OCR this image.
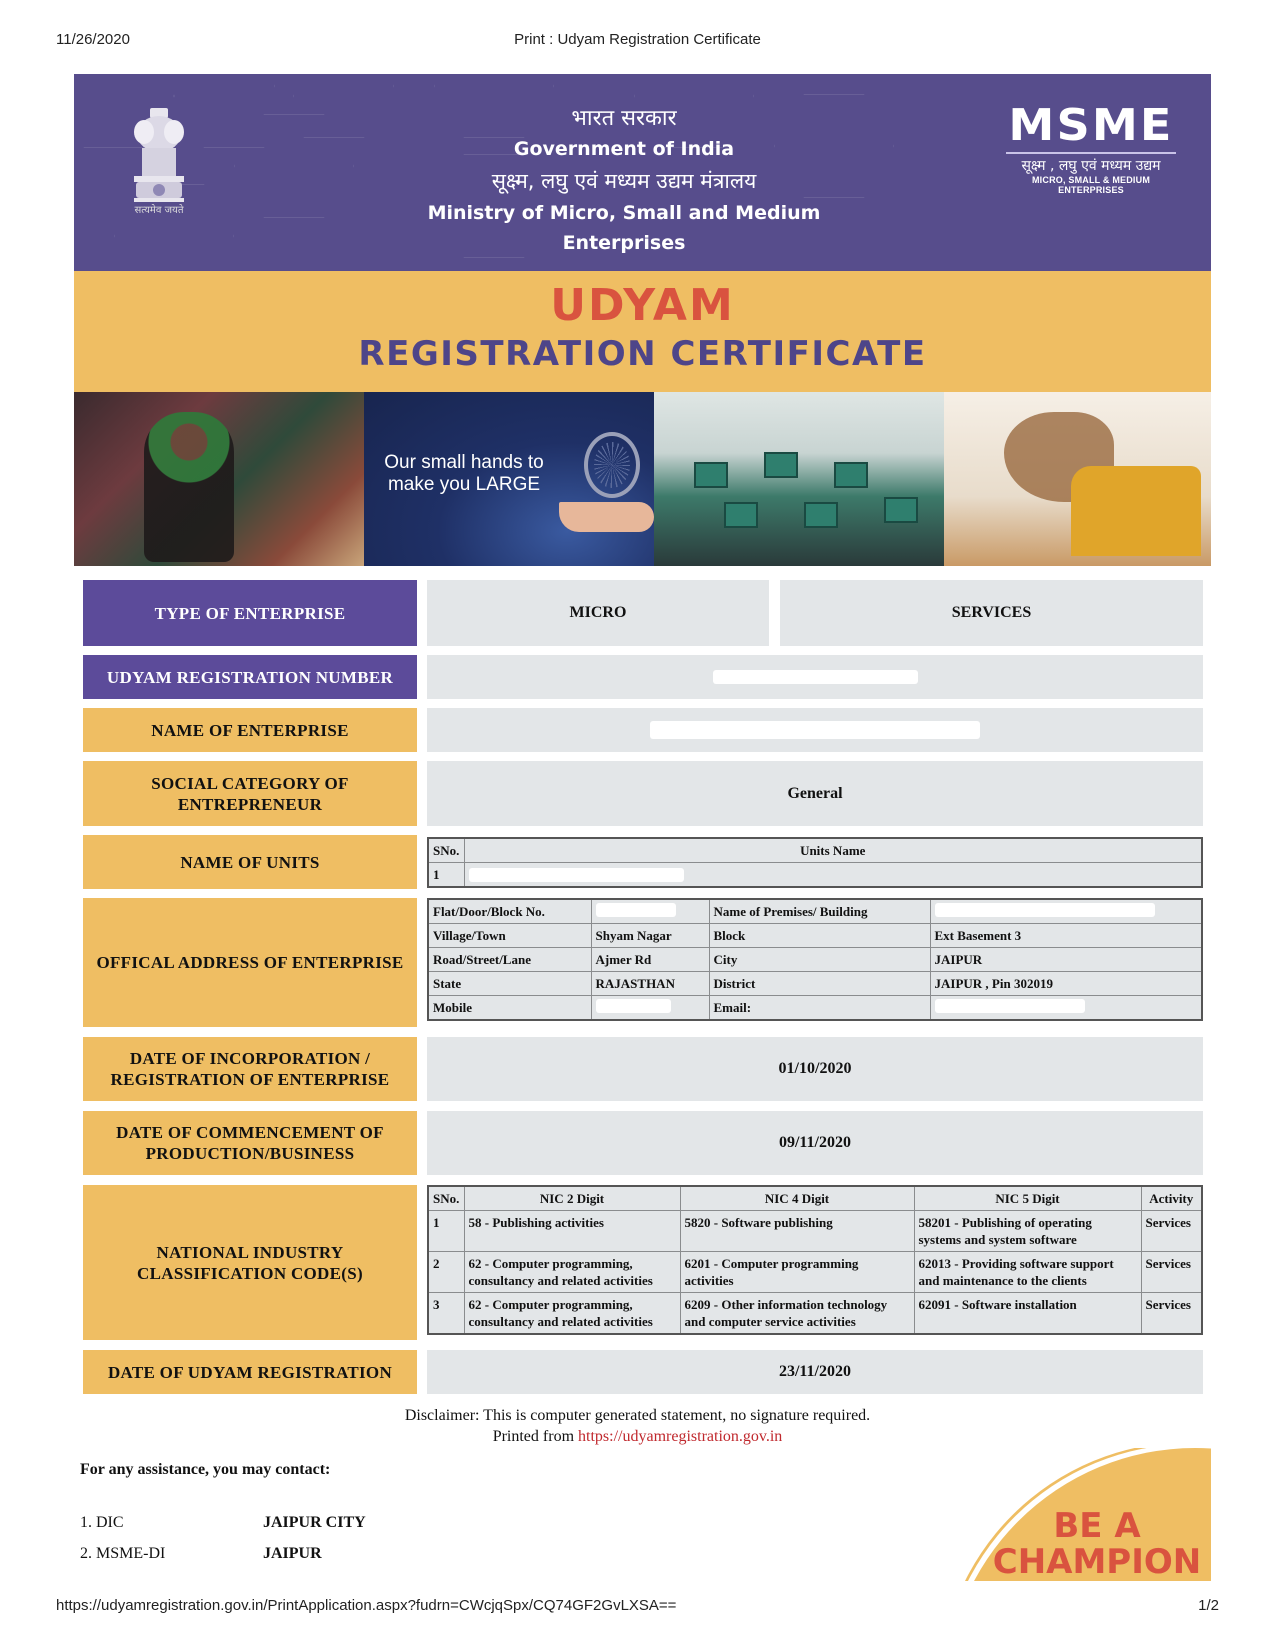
11/26/2020	Print : Udyam Registration Certificate
सत्यमेव जयते
भारत सरकार
Government of India
सूक्ष्म, लघु एवं मध्यम उद्यम मंत्रालय
Ministry of Micro, Small and Medium Enterprises
MSME
सूक्ष्म , लघु एवं मध्यम उद्यम
MICRO, SMALL & MEDIUM ENTERPRISES
UDYAM
REGISTRATION CERTIFICATE
Our small hands to
make you LARGE
TYPE OF ENTERPRISE	MICRO	SERVICES
UDYAM REGISTRATION NUMBER
NAME OF ENTERPRISE
SOCIAL CATEGORY OF ENTREPRENEUR
General
NAME OF UNITS
SNo.	Units Name
1	
OFFICAL ADDRESS OF ENTERPRISE
Flat/Door/Block No.		Name of Premises/ Building	

Village/Town	Shyam Nagar	Block	Ext Basement 3
Road/Street/Lane	Ajmer Rd	City	JAIPUR
State	RAJASTHAN	District	JAIPUR , Pin 302019
Mobile		Email:	
DATE OF INCORPORATION / REGISTRATION OF ENTERPRISE
01/10/2020
DATE OF COMMENCEMENT OF PRODUCTION/BUSINESS
09/11/2020
NATIONAL INDUSTRY CLASSIFICATION CODE(S)
SNo.	NIC 2 Digit	NIC 4 Digit	NIC 5 Digit	Activity
1	58 - Publishing activities	5820 - Software publishing	58201 - Publishing of operating systems and system software	Services
2	62 - Computer programming, consultancy and related activities	6201 - Computer programming activities	62013 - Providing software support and maintenance to the clients	Services
3	62 - Computer programming, consultancy and related activities	6209 - Other information technology and computer service activities	62091 - Software installation	Services
DATE OF UDYAM REGISTRATION	23/11/2020
Disclaimer: This is computer generated statement, no signature required.
Printed from https://udyamregistration.gov.in
For any assistance, you may contact:
1. DIC	JAIPUR CITY
2. MSME-DI	JAIPUR
BE A
CHAMPION
https://udyamregistration.gov.in/PrintApplication.aspx?fudrn=CWcjqSpx/CQ74GF2GvLXSA==	1/2
